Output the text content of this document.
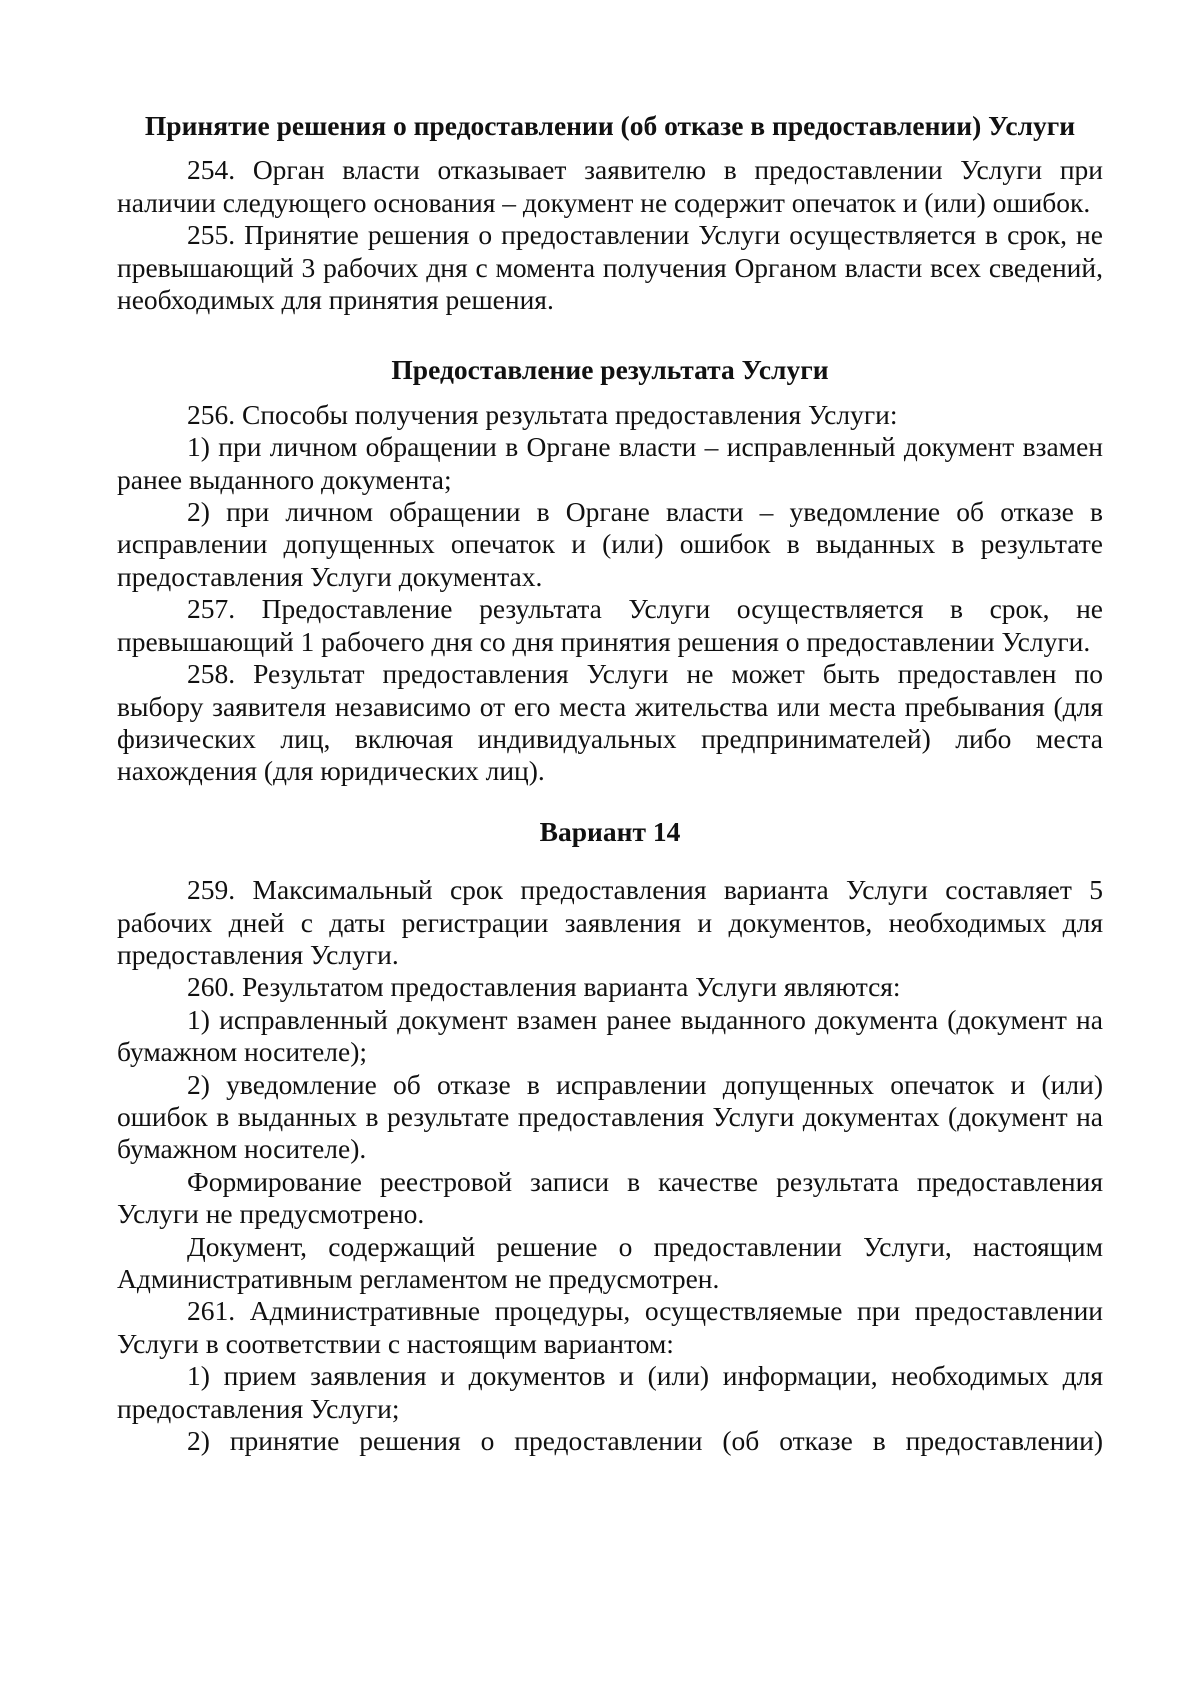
Принятие решения о предоставлении (об отказе в предоставлении) Услуги

254. Орган власти отказывает заявителю в предоставлении Услуги при наличии следующего основания – документ не содержит опечаток и (или) ошибок.

255. Принятие решения о предоставлении Услуги осуществляется в срок, не превышающий 3 рабочих дня с момента получения Органом власти всех сведений, необходимых для принятия решения.

Предоставление результата Услуги

256. Способы получения результата предоставления Услуги:

1) при личном обращении в Органе власти – исправленный документ взамен ранее выданного документа;

2) при личном обращении в Органе власти – уведомление об отказе в исправлении допущенных опечаток и (или) ошибок в выданных в результате предоставления Услуги документах.

257. Предоставление результата Услуги осуществляется в срок, не превышающий 1 рабочего дня со дня принятия решения о предоставлении Услуги.

258. Результат предоставления Услуги не может быть предоставлен по выбору заявителя независимо от его места жительства или места пребывания (для физических лиц, включая индивидуальных предпринимателей) либо места нахождения (для юридических лиц).

Вариант 14

259. Максимальный срок предоставления варианта Услуги составляет 5 рабочих дней с даты регистрации заявления и документов, необходимых для предоставления Услуги.

260. Результатом предоставления варианта Услуги являются:

1) исправленный документ взамен ранее выданного документа (документ на бумажном носителе);

2) уведомление об отказе в исправлении допущенных опечаток и (или) ошибок в выданных в результате предоставления Услуги документах (документ на бумажном носителе).

Формирование реестровой записи в качестве результата предоставления Услуги не предусмотрено.

Документ, содержащий решение о предоставлении Услуги, настоящим Административным регламентом не предусмотрен.

261. Административные процедуры, осуществляемые при предоставлении Услуги в соответствии с настоящим вариантом:

1) прием заявления и документов и (или) информации, необходимых для предоставления Услуги;

2) принятие решения о предоставлении (об отказе в предоставлении)
